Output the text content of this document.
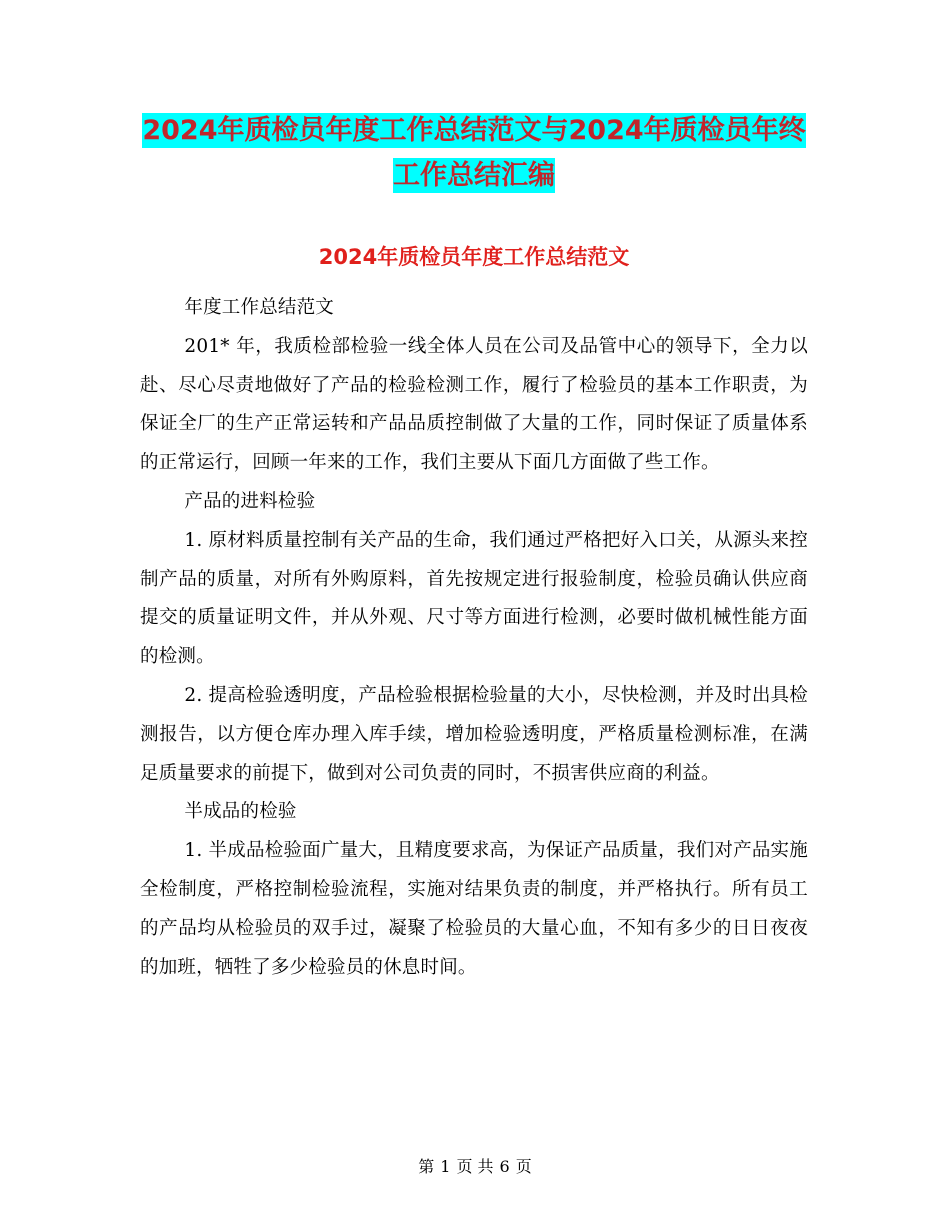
2024年质检员年度工作总结范文与2024年质检员年终
工作总结汇编
2024年质检员年度工作总结范文

年度工作总结范文

201* 年，我质检部检验一线全体人员在公司及品管中心的领导下，全力以赴、尽心尽责地做好了产品的检验检测工作，履行了检验员的基本工作职责，为保证全厂的生产正常运转和产品品质控制做了大量的工作，同时保证了质量体系的正常运行，回顾一年来的工作，我们主要从下面几方面做了些工作。

产品的进料检验

1. 原材料质量控制有关产品的生命，我们通过严格把好入口关，从源头来控制产品的质量，对所有外购原料，首先按规定进行报验制度，检验员确认供应商提交的质量证明文件，并从外观、尺寸等方面进行检测，必要时做机械性能方面的检测。

2. 提高检验透明度，产品检验根据检验量的大小，尽快检测，并及时出具检测报告，以方便仓库办理入库手续，增加检验透明度，严格质量检测标准，在满足质量要求的前提下，做到对公司负责的同时，不损害供应商的利益。

半成品的检验

1. 半成品检验面广量大，且精度要求高，为保证产品质量，我们对产品实施全检制度，严格控制检验流程，实施对结果负责的制度，并严格执行。所有员工的产品均从检验员的双手过，凝聚了检验员的大量心血，不知有多少的日日夜夜的加班，牺牲了多少检验员的休息时间。

第 1 页 共 6 页
